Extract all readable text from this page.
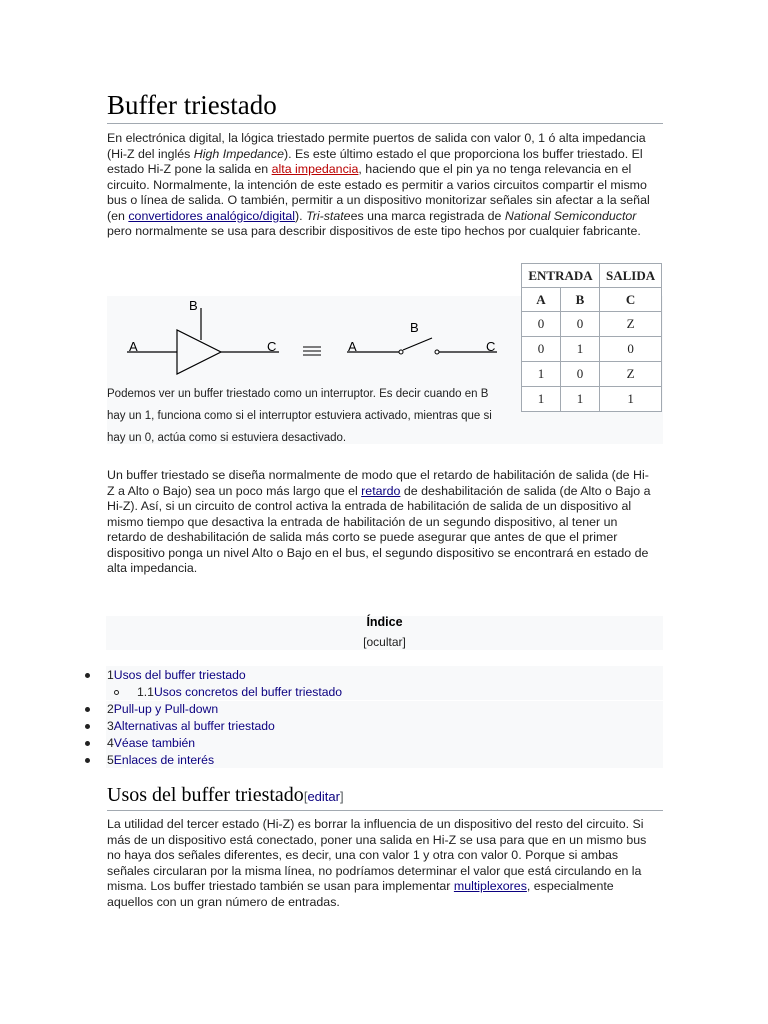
Buffer triestado

En electrónica digital, la lógica triestado permite puertos de salida con valor 0, 1 ó alta impedancia (Hi-Z del inglés High Impedance). Es este último estado el que proporciona los buffer triestado. El estado Hi-Z pone la salida en alta impedancia, haciendo que el pin ya no tenga relevancia en el circuito. Normalmente, la intención de este estado es permitir a varios circuitos compartir el mismo bus o línea de salida. O también, permitir a un dispositivo monitorizar señales sin afectar a la señal (en convertidores analógico/digital). Tri-statees una marca registrada de National Semiconductor pero normalmente se usa para describir dispositivos de este tipo hechos por cualquier fabricante.

B
A	C
B
A	C

Podemos ver un buffer triestado como un interruptor. Es decir cuando en B hay un 1, funciona como si el interruptor estuviera activado, mientras que si hay un 0, actúa como si estuviera desactivado.

ENTRADA		SALIDA
A	B	C
0	0	Z
0	1	0
1	0	Z
1	1	1

Un buffer triestado se diseña normalmente de modo que el retardo de habilitación de salida (de Hi-Z a Alto o Bajo) sea un poco más largo que el retardo de deshabilitación de salida (de Alto o Bajo a Hi-Z). Así, si un circuito de control activa la entrada de habilitación de salida de un dispositivo al mismo tiempo que desactiva la entrada de habilitación de un segundo dispositivo, al tener un retardo de deshabilitación de salida más corto se puede asegurar que antes de que el primer dispositivo ponga un nivel Alto o Bajo en el bus, el segundo dispositivo se encontrará en estado de alta impedancia.

Índice
[ocultar]
1Usos del buffer triestado
1.1Usos concretos del buffer triestado
2Pull-up y Pull-down
3Alternativas al buffer triestado
4Véase también
5Enlaces de interés
Usos del buffer triestado[editar]

La utilidad del tercer estado (Hi-Z) es borrar la influencia de un dispositivo del resto del circuito. Si más de un dispositivo está conectado, poner una salida en Hi-Z se usa para que en un mismo bus no haya dos señales diferentes, es decir, una con valor 1 y otra con valor 0. Porque si ambas señales circularan por la misma línea, no podríamos determinar el valor que está circulando en la misma. Los buffer triestado también se usan para implementar multiplexores, especialmente aquellos con un gran número de entradas.
